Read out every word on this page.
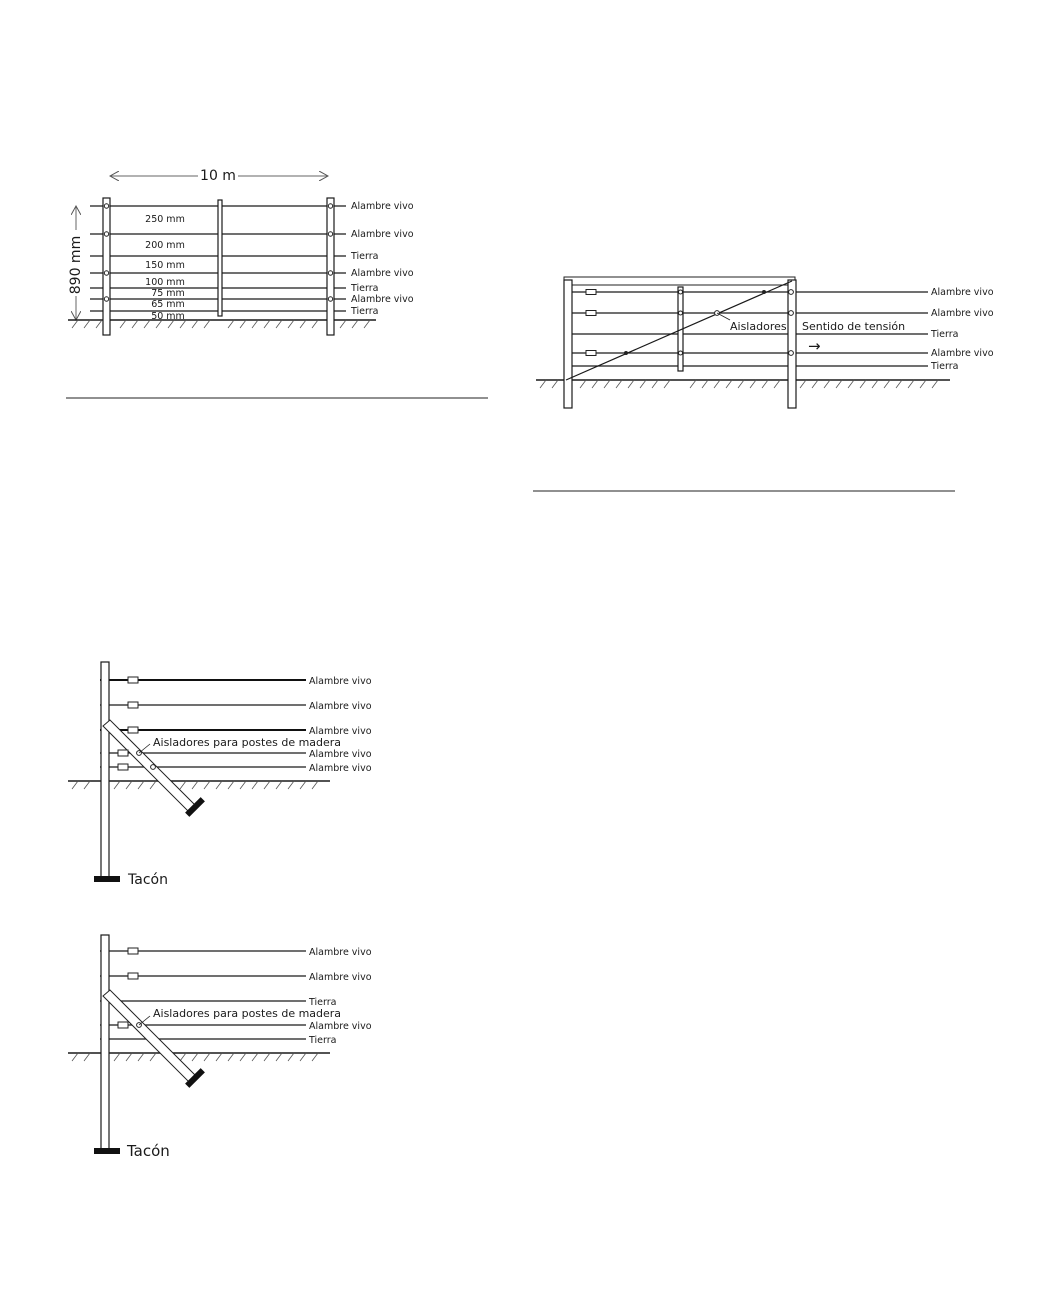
10 m
890 mm
250 mm
200 mm
150 mm
100 mm
75 mm
65 mm
50 mm
Alambre vivo
Alambre vivo
Tierra
Alambre vivo
Tierra
Alambre vivo
Tierra
Aisladores Sentido de tensión
→
Alambre vivo
Alambre vivo
Tierra
Alambre vivo
Tierra
Aisladores para postes de madera
Tacón
Alambre vivo
Alambre vivo
Alambre vivo
Alambre vivo
Alambre vivo
Aisladores para postes de madera
Tacón
Alambre vivo
Alambre vivo
Tierra
Alambre vivo
Tierra
